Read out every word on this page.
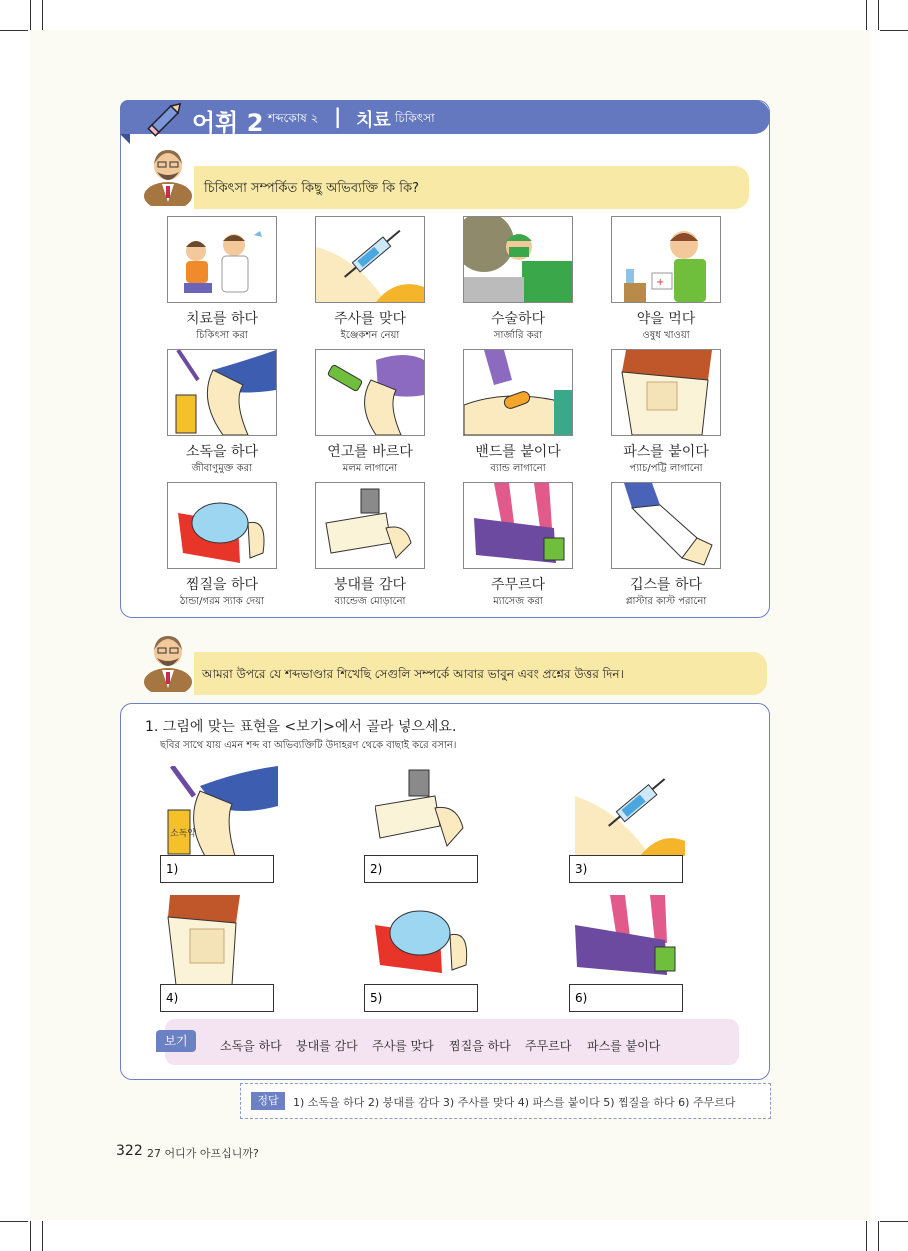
어휘 2 শব্দকোষ ২ | 치료 চিকিৎসা
চিকিৎসা সম্পর্কিত কিছু অভিব্যক্তি কি কি?
치료를 하다
চিকিৎসা করা
주사를 맞다
ইঞ্জেকশন নেয়া
수술하다
সার্জারি করা
+
약을 먹다
ওষুধ খাওয়া
소독을 하다
জীবাণুমুক্ত করা
연고를 바르다
মলম লাগানো
밴드를 붙이다
ব্যান্ড লাগানো
파스를 붙이다
প্যাচ/পট্টি লাগানো
찜질을 하다
ঠান্ডা/গরম স্যাক দেয়া
붕대를 감다
ব্যান্ডেজ মোড়ানো
주무르다
ম্যাসেজ করা
깁스를 하다
প্লাস্টার কাস্ট পরানো
আমরা উপরে যে শব্দভাণ্ডার শিখেছি সেগুলি সম্পর্কে আবার ভাবুন এবং প্রশ্নের উত্তর দিন।
1. 그림에 맞는 표현을 <보기>에서 골라 넣으세요.
ছবির সাথে যায় এমন শব্দ বা অভিব্যক্তিটি উদাহরণ থেকে বাছাই করে বসান।
소독약
1)	2)	3)
4)	5)	6)
보기	소독을 하다 붕대를 감다 주사를 맞다 찜질을 하다 주무르다 파스를 붙이다
정답	1) 소독을 하다 2) 붕대를 감다 3) 주사를 맞다 4) 파스를 붙이다 5) 찜질을 하다 6) 주무르다
322 27 어디가 아프십니까?
